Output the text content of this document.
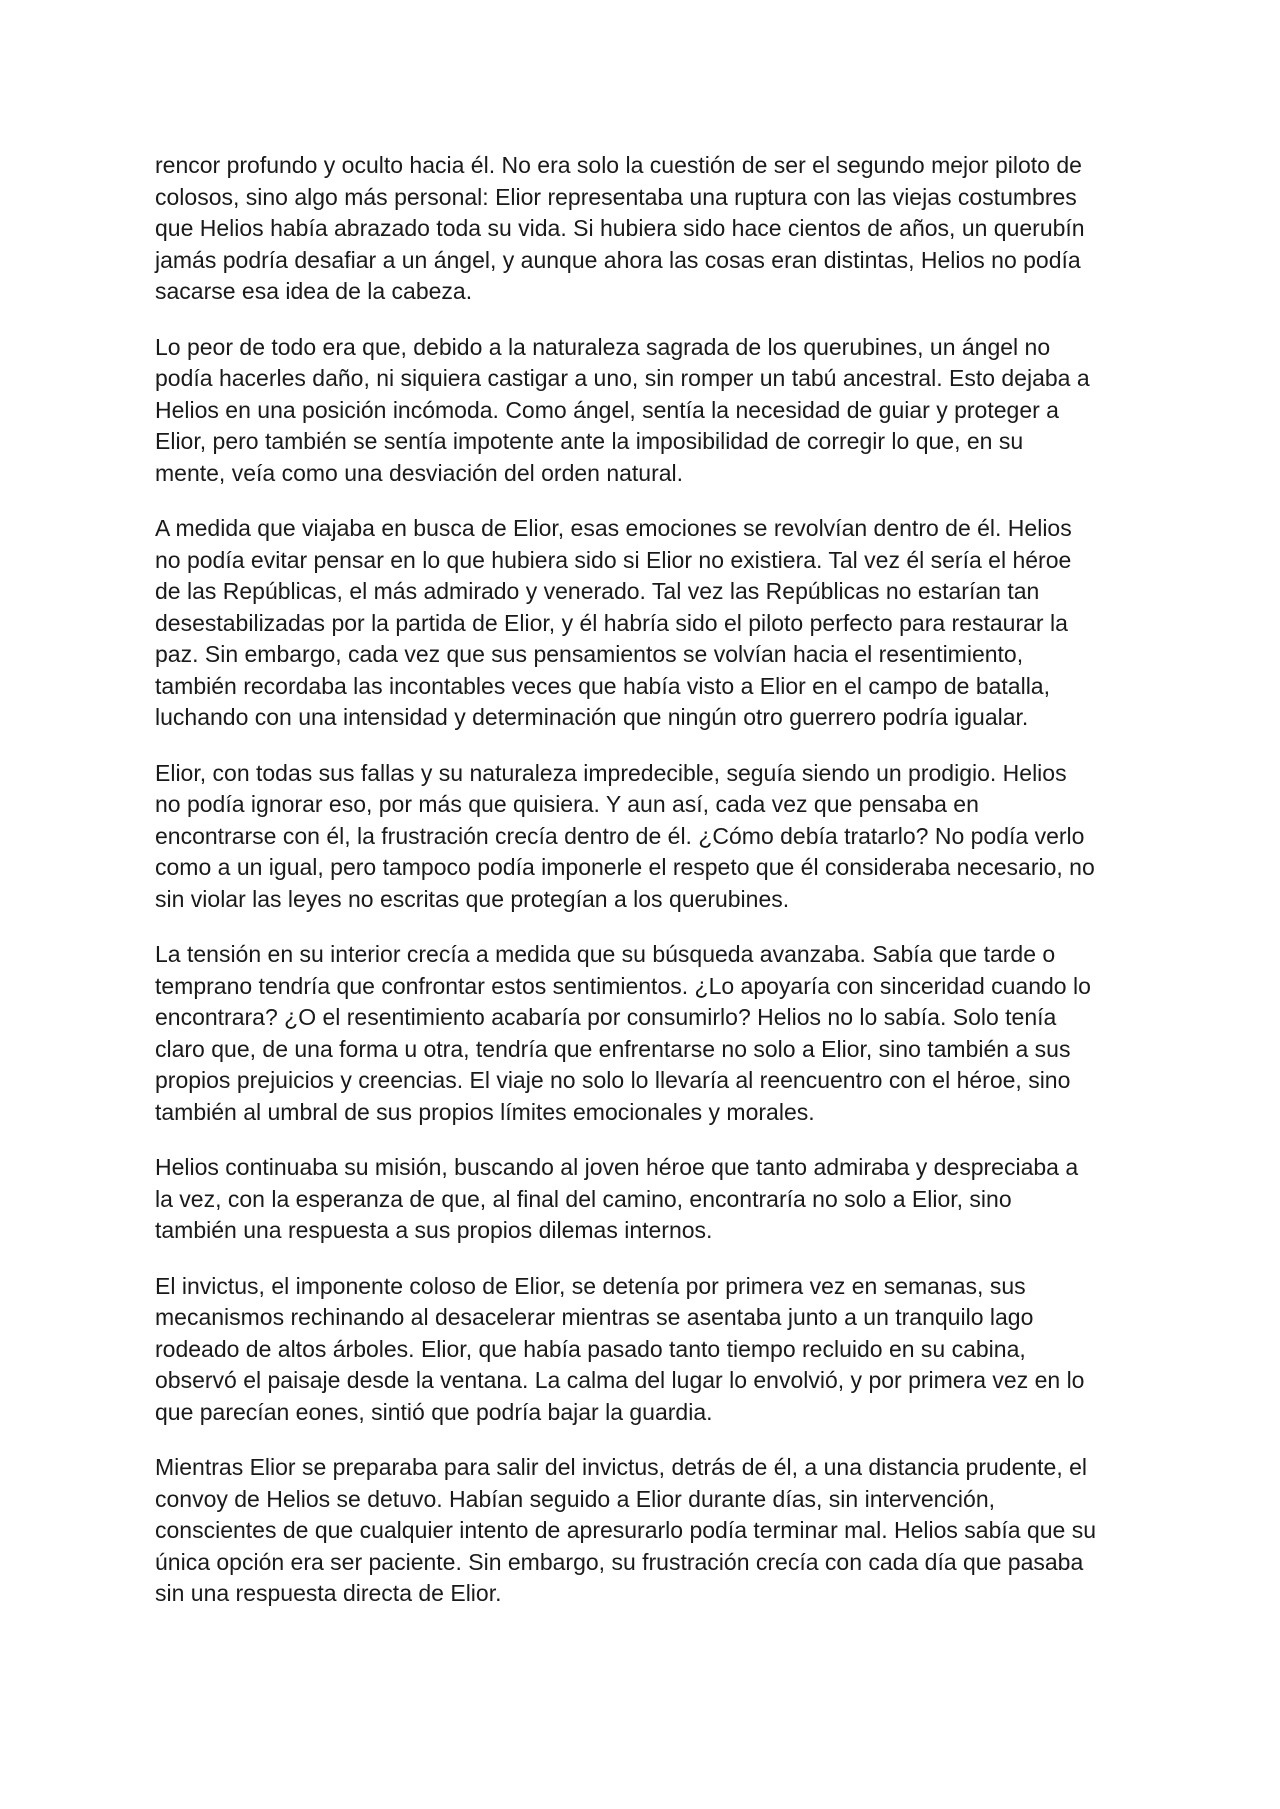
rencor profundo y oculto hacia él. No era solo la cuestión de ser el segundo mejor piloto de
colosos, sino algo más personal: Elior representaba una ruptura con las viejas costumbres
que Helios había abrazado toda su vida. Si hubiera sido hace cientos de años, un querubín
jamás podría desafiar a un ángel, y aunque ahora las cosas eran distintas, Helios no podía
sacarse esa idea de la cabeza.

Lo peor de todo era que, debido a la naturaleza sagrada de los querubines, un ángel no
podía hacerles daño, ni siquiera castigar a uno, sin romper un tabú ancestral. Esto dejaba a
Helios en una posición incómoda. Como ángel, sentía la necesidad de guiar y proteger a
Elior, pero también se sentía impotente ante la imposibilidad de corregir lo que, en su
mente, veía como una desviación del orden natural.

A medida que viajaba en busca de Elior, esas emociones se revolvían dentro de él. Helios
no podía evitar pensar en lo que hubiera sido si Elior no existiera. Tal vez él sería el héroe
de las Repúblicas, el más admirado y venerado. Tal vez las Repúblicas no estarían tan
desestabilizadas por la partida de Elior, y él habría sido el piloto perfecto para restaurar la
paz. Sin embargo, cada vez que sus pensamientos se volvían hacia el resentimiento,
también recordaba las incontables veces que había visto a Elior en el campo de batalla,
luchando con una intensidad y determinación que ningún otro guerrero podría igualar.

Elior, con todas sus fallas y su naturaleza impredecible, seguía siendo un prodigio. Helios
no podía ignorar eso, por más que quisiera. Y aun así, cada vez que pensaba en
encontrarse con él, la frustración crecía dentro de él. ¿Cómo debía tratarlo? No podía verlo
como a un igual, pero tampoco podía imponerle el respeto que él consideraba necesario, no
sin violar las leyes no escritas que protegían a los querubines.

La tensión en su interior crecía a medida que su búsqueda avanzaba. Sabía que tarde o
temprano tendría que confrontar estos sentimientos. ¿Lo apoyaría con sinceridad cuando lo
encontrara? ¿O el resentimiento acabaría por consumirlo? Helios no lo sabía. Solo tenía
claro que, de una forma u otra, tendría que enfrentarse no solo a Elior, sino también a sus
propios prejuicios y creencias. El viaje no solo lo llevaría al reencuentro con el héroe, sino
también al umbral de sus propios límites emocionales y morales.

Helios continuaba su misión, buscando al joven héroe que tanto admiraba y despreciaba a
la vez, con la esperanza de que, al final del camino, encontraría no solo a Elior, sino
también una respuesta a sus propios dilemas internos.

El invictus, el imponente coloso de Elior, se detenía por primera vez en semanas, sus
mecanismos rechinando al desacelerar mientras se asentaba junto a un tranquilo lago
rodeado de altos árboles. Elior, que había pasado tanto tiempo recluido en su cabina,
observó el paisaje desde la ventana. La calma del lugar lo envolvió, y por primera vez en lo
que parecían eones, sintió que podría bajar la guardia.

Mientras Elior se preparaba para salir del invictus, detrás de él, a una distancia prudente, el
convoy de Helios se detuvo. Habían seguido a Elior durante días, sin intervención,
conscientes de que cualquier intento de apresurarlo podía terminar mal. Helios sabía que su
única opción era ser paciente. Sin embargo, su frustración crecía con cada día que pasaba
sin una respuesta directa de Elior.
